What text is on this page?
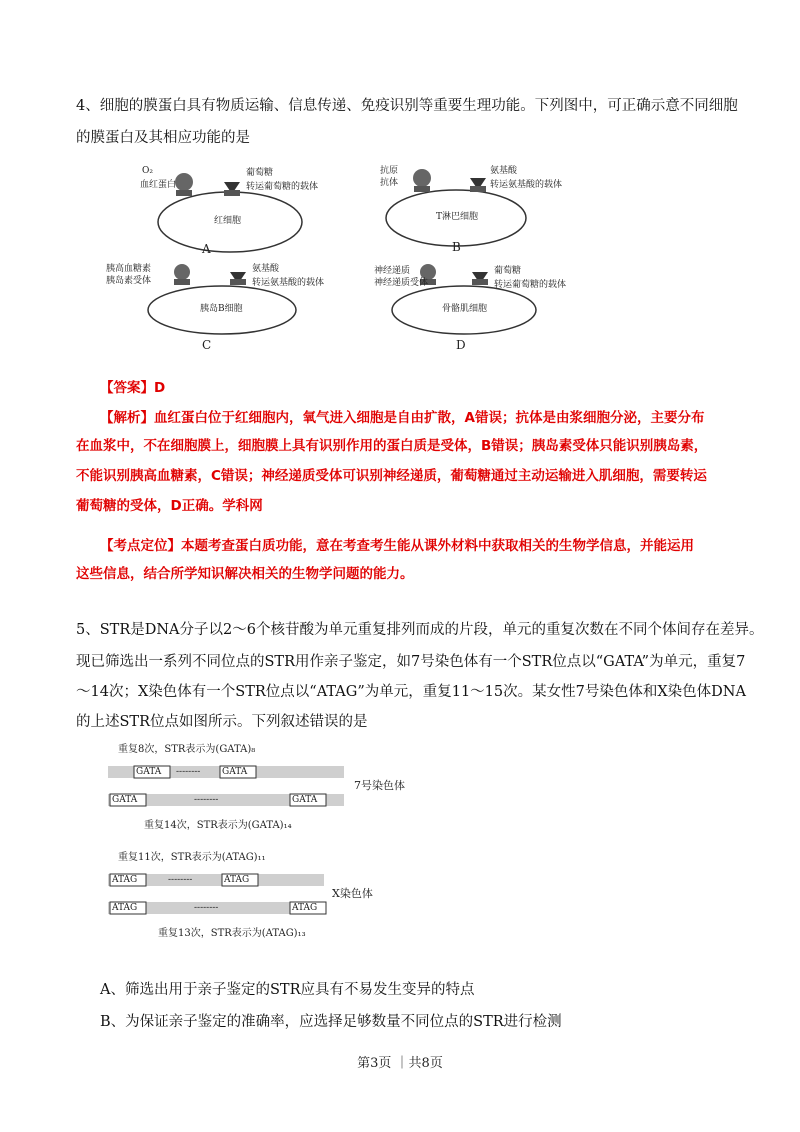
4、细胞的膜蛋白具有物质运输、信息传递、免疫识别等重要生理功能。下列图中，可正确示意不同细胞
的膜蛋白及其相应功能的是
O₂
血红蛋白
葡萄糖
转运葡萄糖的载体
红细胞
A
抗原
抗体
氨基酸
转运氨基酸的载体
T淋巴细胞
B
胰高血糖素
胰岛素受体
氨基酸
转运氨基酸的载体
胰岛B细胞
C
神经递质
神经递质受体
葡萄糖
转运葡萄糖的载体
骨骼肌细胞
D
【答案】D
【解析】血红蛋白位于红细胞内，氧气进入细胞是自由扩散，A错误；抗体是由浆细胞分泌，主要分布
在血浆中，不在细胞膜上，细胞膜上具有识别作用的蛋白质是受体，B错误；胰岛素受体只能识别胰岛素，
不能识别胰高血糖素，C错误；神经递质受体可识别神经递质，葡萄糖通过主动运输进入肌细胞，需要转运
葡萄糖的受体，D正确。学科网
【考点定位】本题考查蛋白质功能，意在考查考生能从课外材料中获取相关的生物学信息，并能运用
这些信息，结合所学知识解决相关的生物学问题的能力。
5、STR是DNA分子以2～6个核苷酸为单元重复排列而成的片段，单元的重复次数在不同个体间存在差异。
现已筛选出一系列不同位点的STR用作亲子鉴定，如7号染色体有一个STR位点以“GATA”为单元，重复7
～14次；X染色体有一个STR位点以“ATAG”为单元，重复11～15次。某女性7号染色体和X染色体DNA
的上述STR位点如图所示。下列叙述错误的是
重复8次，STR表示为(GATA)₈
GATA -------- GATA
GATA	--------	GATA
7号染色体
重复14次，STR表示为(GATA)₁₄
重复11次，STR表示为(ATAG)₁₁
ATAG	--------	ATAG
ATAG	--------	ATAG
X染色体
重复13次，STR表示为(ATAG)₁₃
A、筛选出用于亲子鉴定的STR应具有不易发生变异的特点
B、为保证亲子鉴定的准确率，应选择足够数量不同位点的STR进行检测
第3页 ｜共8页
